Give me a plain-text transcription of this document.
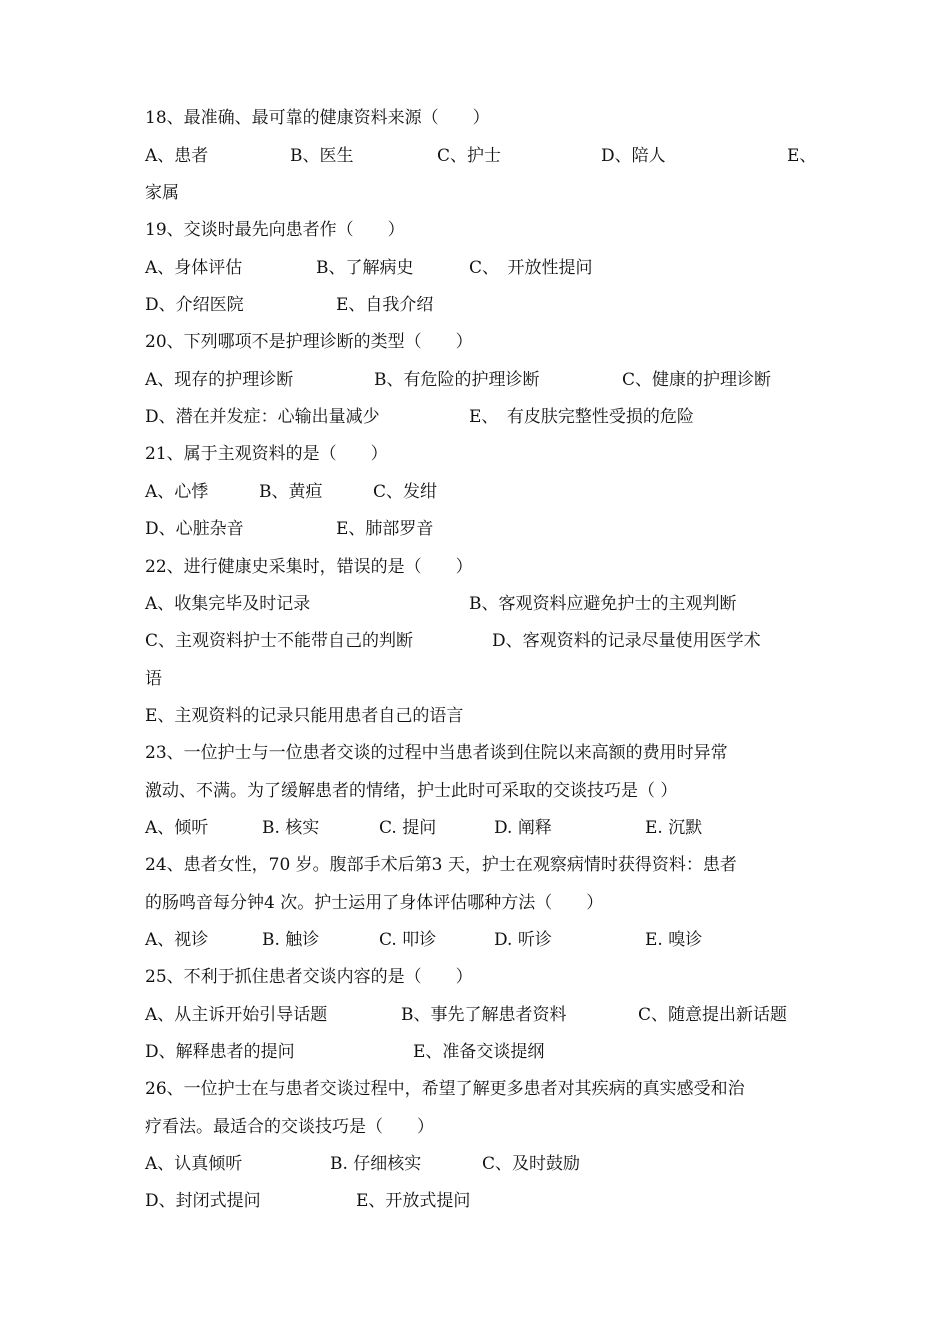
18、最准确、最可靠的健康资料来源（　　）
A、患者	B、医生	C、护士	D、陪人	E、
家属
19、交谈时最先向患者作（　　）
A、身体评估	B、了解病史	C、　开放性提问
D、介绍医院	E、自我介绍
20、下列哪项不是护理诊断的类型（　　）
A、现存的护理诊断	B、有危险的护理诊断	C、健康的护理诊断
D、潜在并发症：心输出量减少	E、　有皮肤完整性受损的危险
21、属于主观资料的是（　　）
A、心悸	B、黄疸	C、发绀
D、心脏杂音	E、肺部罗音
22、进行健康史采集时，错误的是（　　）
A、收集完毕及时记录	B、客观资料应避免护士的主观判断
C、主观资料护士不能带自己的判断	D、客观资料的记录尽量使用医学术
语
E、主观资料的记录只能用患者自己的语言
23、一位护士与一位患者交谈的过程中当患者谈到住院以来高额的费用时异常
激动、不满。为了缓解患者的情绪，护士此时可采取的交谈技巧是（ ）
A、倾听	B. 核实	C. 提问	D. 阐释	E. 沉默
24、患者女性，70 岁。腹部手术后第3 天，护士在观察病情时获得资料：患者
的肠鸣音每分钟4 次。护士运用了身体评估哪种方法（　　）
A、视诊	B. 触诊	C. 叩诊	D. 听诊	E. 嗅诊
25、不利于抓住患者交谈内容的是（　　）
A、从主诉开始引导话题	B、事先了解患者资料	C、随意提出新话题
D、解释患者的提问	E、准备交谈提纲
26、一位护士在与患者交谈过程中，希望了解更多患者对其疾病的真实感受和治
疗看法。最适合的交谈技巧是（　　）
A、认真倾听	B. 仔细核实	C、及时鼓励
D、封闭式提问	E、开放式提问
